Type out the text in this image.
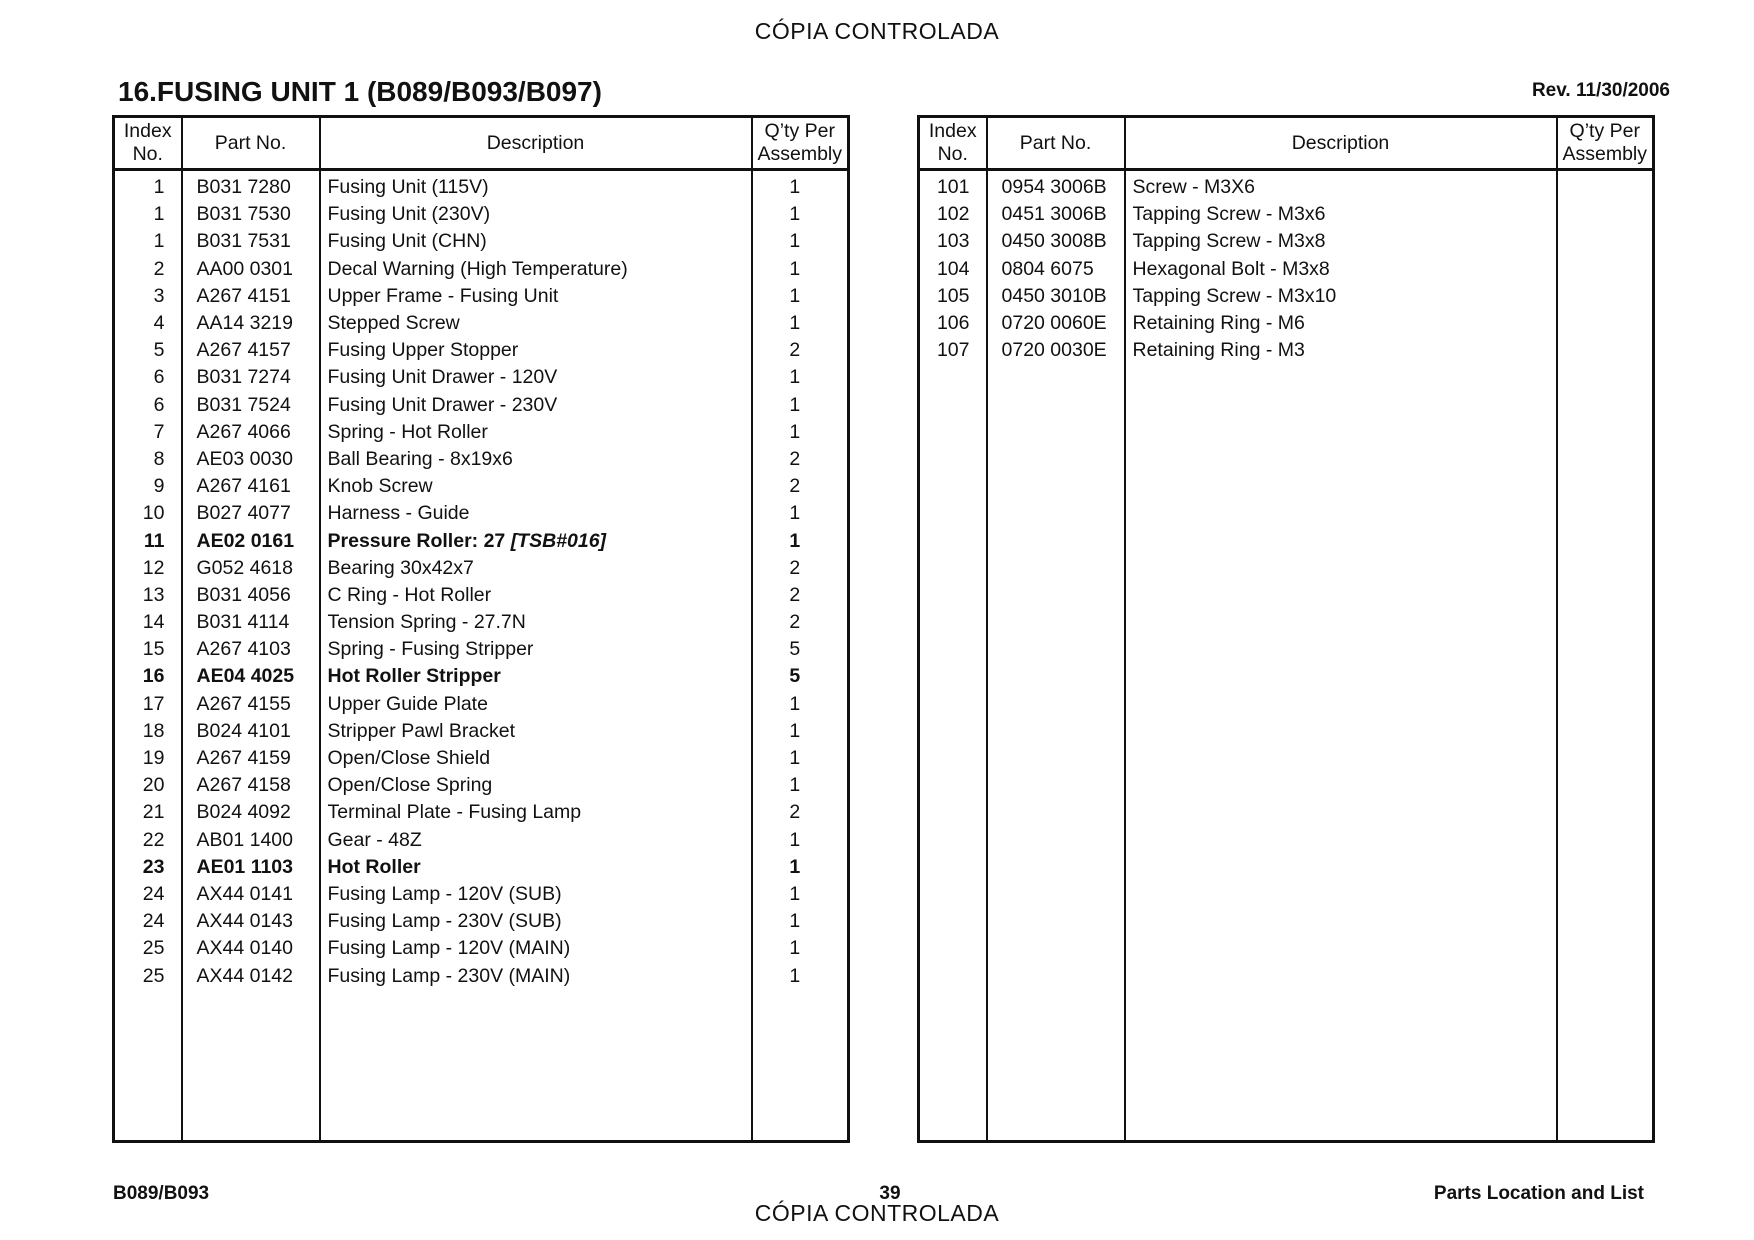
CÓPIA CONTROLADA
16.FUSING UNIT 1 (B089/B093/B097)	Rev. 11/30/2006
Index
No.	Part No.	Description	Q’ty Per
Assembly
1	B031 7280	Fusing Unit (115V)	1
1	B031 7530	Fusing Unit (230V)	1
1	B031 7531	Fusing Unit (CHN)	1
2	AA00 0301	Decal Warning (High Temperature)	1
3	A267 4151	Upper Frame - Fusing Unit	1
4	AA14 3219	Stepped Screw	1
5	A267 4157	Fusing Upper Stopper	2
6	B031 7274	Fusing Unit Drawer - 120V	1
6	B031 7524	Fusing Unit Drawer - 230V	1
7	A267 4066	Spring - Hot Roller	1
8	AE03 0030	Ball Bearing - 8x19x6	2
9	A267 4161	Knob Screw	2
10	B027 4077	Harness - Guide	1
11	AE02 0161	Pressure Roller: 27 [TSB#016]	1
12	G052 4618	Bearing 30x42x7	2
13	B031 4056	C Ring - Hot Roller	2
14	B031 4114	Tension Spring - 27.7N	2
15	A267 4103	Spring - Fusing Stripper	5
16	AE04 4025	Hot Roller Stripper	5
17	A267 4155	Upper Guide Plate	1
18	B024 4101	Stripper Pawl Bracket	1
19	A267 4159	Open/Close Shield	1
20	A267 4158	Open/Close Spring	1
21	B024 4092	Terminal Plate - Fusing Lamp	2
22	AB01 1400	Gear - 48Z	1
23	AE01 1103	Hot Roller	1
24	AX44 0141	Fusing Lamp - 120V (SUB)	1
24	AX44 0143	Fusing Lamp - 230V (SUB)	1
25	AX44 0140	Fusing Lamp - 120V (MAIN)	1
25	AX44 0142	Fusing Lamp - 230V (MAIN)	1

Index
No.	Part No.	Description	Q’ty Per
Assembly
101	0954 3006B	Screw - M3X6	
102	0451 3006B	Tapping Screw - M3x6	
103	0450 3008B	Tapping Screw - M3x8	
104	0804 6075	Hexagonal Bolt - M3x8	
105	0450 3010B	Tapping Screw - M3x10	
106	0720 0060E	Retaining Ring - M6	
107	0720 0030E	Retaining Ring - M3	

B089/B093	39	Parts Location and List
CÓPIA CONTROLADA
